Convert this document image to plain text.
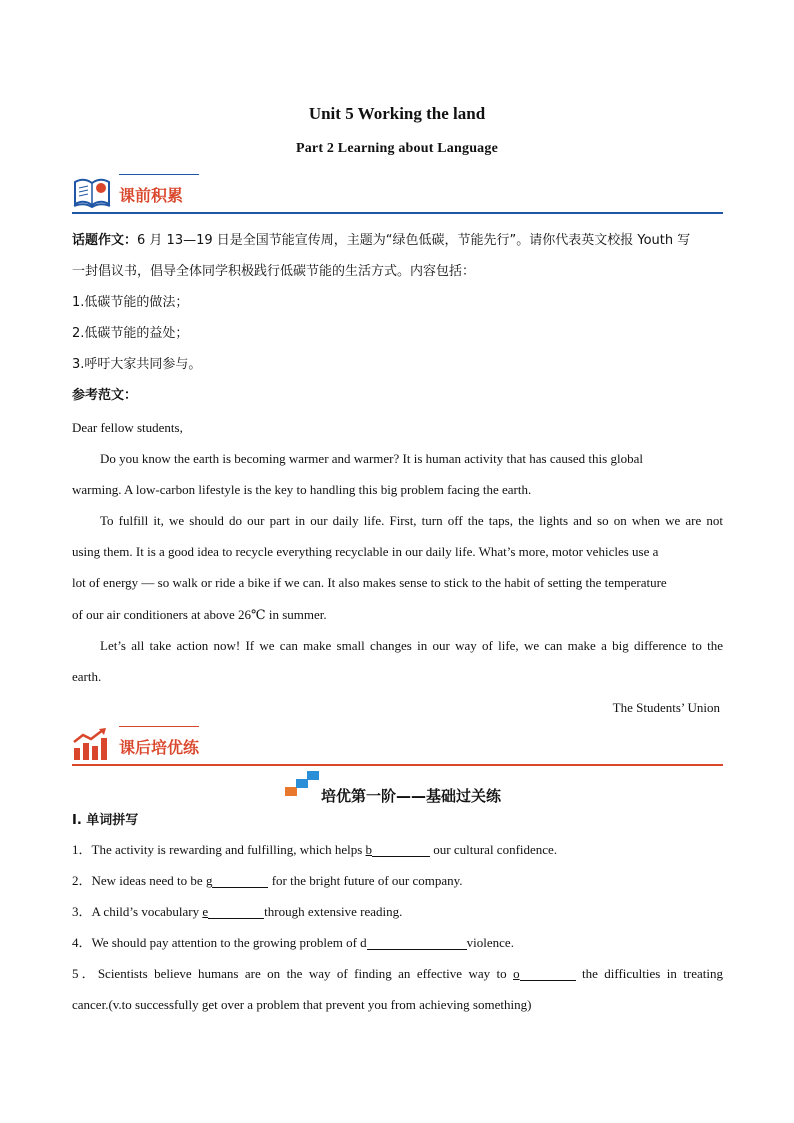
Unit 5 Working the land
Part 2 Learning about Language
课前积累
话题作文：6 月 13—19 日是全国节能宣传周，主题为“绿色低碳，节能先行”。请你代表英文校报 Youth 写
一封倡议书，倡导全体同学积极践行低碳节能的生活方式。内容包括：
1.低碳节能的做法；
2.低碳节能的益处；
3.呼吁大家共同参与。
参考范文：
Dear fellow students,
Do you know the earth is becoming warmer and warmer? It is human activity that has caused this global
warming. A low-carbon lifestyle is the key to handling this big problem facing the earth.
To fulfill it, we should do our part in our daily life. First, turn off the taps, the lights and so on when we are not
using them. It is a good idea to recycle everything recyclable in our daily life. What’s more, motor vehicles use a
lot of energy — so walk or ride a bike if we can. It also makes sense to stick to the habit of setting the temperature
of our air conditioners at above 26℃ in summer.
Let’s all take action now! If we can make small changes in our way of life, we can make a big difference to the
earth.
The Students’ Union
课后培优练
培优第一阶——基础过关练
I. 单词拼写
1．The activity is rewarding and fulfilling, which helps b	our cultural confidence.
2．New ideas need to be g	for the bright future of our company.
3．A child’s vocabulary e	through extensive reading.
4．We should pay attention to the growing problem of d	violence.
5．Scientists believe humans are on the way of finding an effective way to o	the difficulties in treating
cancer.(v.to successfully get over a problem that prevent you from achieving something)
